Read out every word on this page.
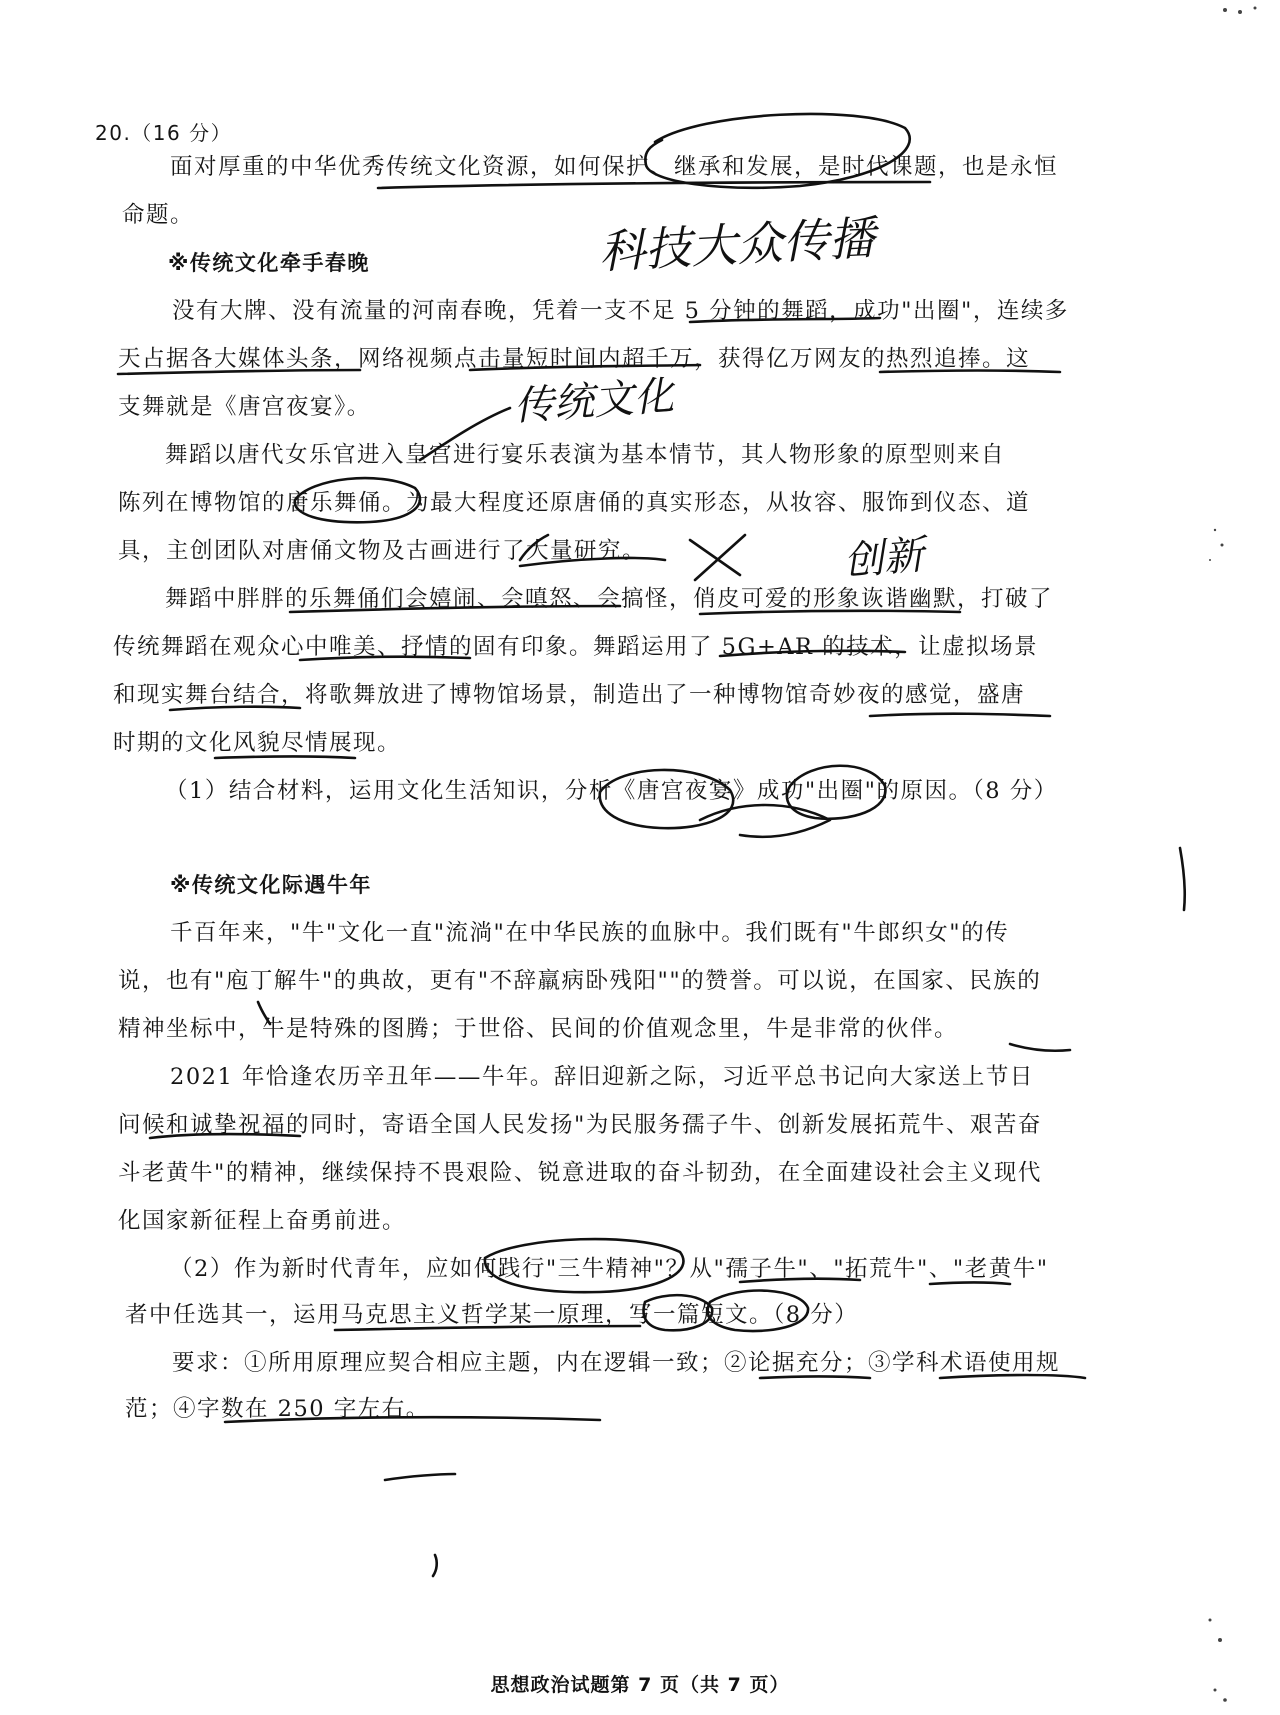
20.（16 分）
面对厚重的中华优秀传统文化资源，如何保护、继承和发展，是时代课题，也是永恒
命题。
※传统文化牵手春晚
没有大牌、没有流量的河南春晚，凭着一支不足 5 分钟的舞蹈，成功"出圈"，连续多
天占据各大媒体头条，网络视频点击量短时间内超千万，获得亿万网友的热烈追捧。这
支舞就是《唐宫夜宴》。
舞蹈以唐代女乐官进入皇宫进行宴乐表演为基本情节，其人物形象的原型则来自
陈列在博物馆的唐乐舞俑。为最大程度还原唐俑的真实形态，从妆容、服饰到仪态、道
具，主创团队对唐俑文物及古画进行了大量研究。
舞蹈中胖胖的乐舞俑们会嬉闹、会嗔怒、会搞怪，俏皮可爱的形象诙谐幽默，打破了
传统舞蹈在观众心中唯美、抒情的固有印象。舞蹈运用了 5G+AR 的技术，让虚拟场景
和现实舞台结合，将歌舞放进了博物馆场景，制造出了一种博物馆奇妙夜的感觉，盛唐
时期的文化风貌尽情展现。
（1）结合材料，运用文化生活知识，分析《唐宫夜宴》成功"出圈"的原因。（8 分）
※传统文化际遇牛年
千百年来，"牛"文化一直"流淌"在中华民族的血脉中。我们既有"牛郎织女"的传
说，也有"庖丁解牛"的典故，更有"不辞羸病卧残阳""的赞誉。可以说，在国家、民族的
精神坐标中，牛是特殊的图腾；于世俗、民间的价值观念里，牛是非常的伙伴。
2021 年恰逢农历辛丑年——牛年。辞旧迎新之际，习近平总书记向大家送上节日
问候和诚挚祝福的同时，寄语全国人民发扬"为民服务孺子牛、创新发展拓荒牛、艰苦奋
斗老黄牛"的精神，继续保持不畏艰险、锐意进取的奋斗韧劲，在全面建设社会主义现代
化国家新征程上奋勇前进。
（2）作为新时代青年，应如何践行"三牛精神"？从"孺子牛"、"拓荒牛"、"老黄牛"
者中任选其一，运用马克思主义哲学某一原理，写一篇短文。（8 分）
要求：①所用原理应契合相应主题，内在逻辑一致；②论据充分；③学科术语使用规
范；④字数在 250 字左右。
思想政治试题第 7 页（共 7 页）
科技大众传播
传统文化
创新
